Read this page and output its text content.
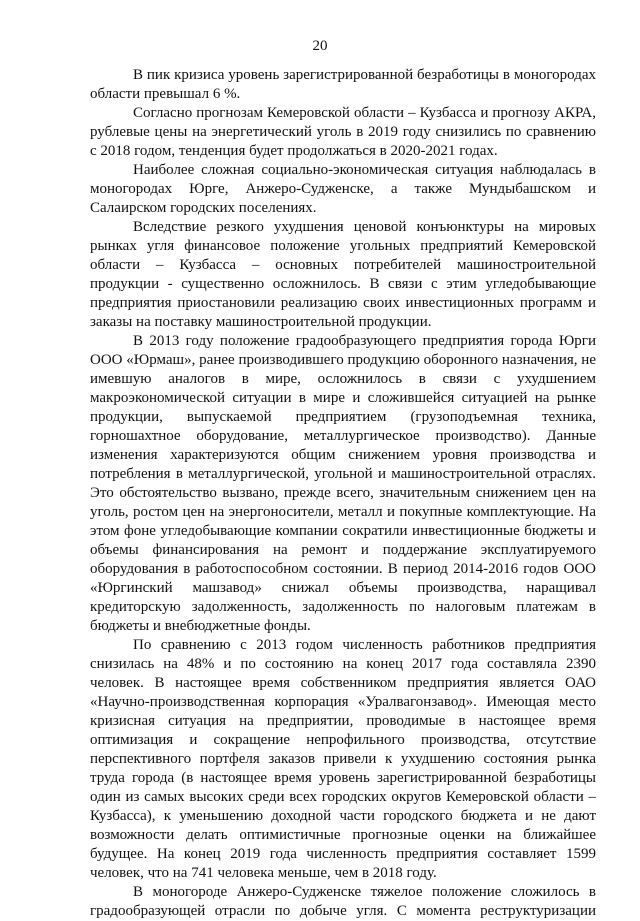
20

В пик кризиса уровень зарегистрированной безработицы в моногородах области превышал 6 %.

Согласно прогнозам Кемеровской области – Кузбасса и прогнозу АКРА, рублевые цены на энергетический уголь в 2019 году снизились по сравнению с 2018 годом, тенденция будет продолжаться в 2020-2021 годах.

Наиболее сложная социально-экономическая ситуация наблюдалась в моногородах Юрге, Анжеро-Судженске, а также Мундыбашском и Салаирском городских поселениях.

Вследствие резкого ухудшения ценовой конъюнктуры на мировых рынках угля финансовое положение угольных предприятий Кемеровской области – Кузбасса – основных потребителей машиностроительной продукции - существенно осложнилось. В связи с этим угледобывающие предприятия приостановили реализацию своих инвестиционных программ и заказы на поставку машиностроительной продукции.

В 2013 году положение градообразующего предприятия города Юрги ООО «Юрмаш», ранее производившего продукцию оборонного назначения, не имевшую аналогов в мире, осложнилось в связи с ухудшением макроэкономической ситуации в мире и сложившейся ситуацией на рынке продукции, выпускаемой предприятием (грузоподъемная техника, горношахтное оборудование, металлургическое производство). Данные изменения характеризуются общим снижением уровня производства и потребления в металлургической, угольной и машиностроительной отраслях. Это обстоятельство вызвано, прежде всего, значительным снижением цен на уголь, ростом цен на энергоносители, металл и покупные комплектующие. На этом фоне угледобывающие компании сократили инвестиционные бюджеты и объемы финансирования на ремонт и поддержание эксплуатируемого оборудования в работоспособном состоянии. В период 2014-2016 годов ООО «Юргинский машзавод» снижал объемы производства, наращивал кредиторскую задолженность, задолженность по налоговым платежам в бюджеты и внебюджетные фонды.

По сравнению с 2013 годом численность работников предприятия снизилась на 48% и по состоянию на конец 2017 года составляла 2390 человек. В настоящее время собственником предприятия является ОАО «Научно-производственная корпорация «Уралвагонзавод». Имеющая место кризисная ситуация на предприятии, проводимые в настоящее время оптимизация и сокращение непрофильного производства, отсутствие перспективного портфеля заказов привели к ухудшению состояния рынка труда города (в настоящее время уровень зарегистрированной безработицы один из самых высоких среди всех городских округов Кемеровской области – Кузбасса), к уменьшению доходной части городского бюджета и не дают возможности делать оптимистичные прогнозные оценки на ближайшее будущее. На конец 2019 года численность предприятия составляет 1599 человек, что на 741 человека меньше, чем в 2018 году.

В моногороде Анжеро-Судженске тяжелое положение сложилось в градообразующей отрасли по добыче угля. С момента реструктуризации
